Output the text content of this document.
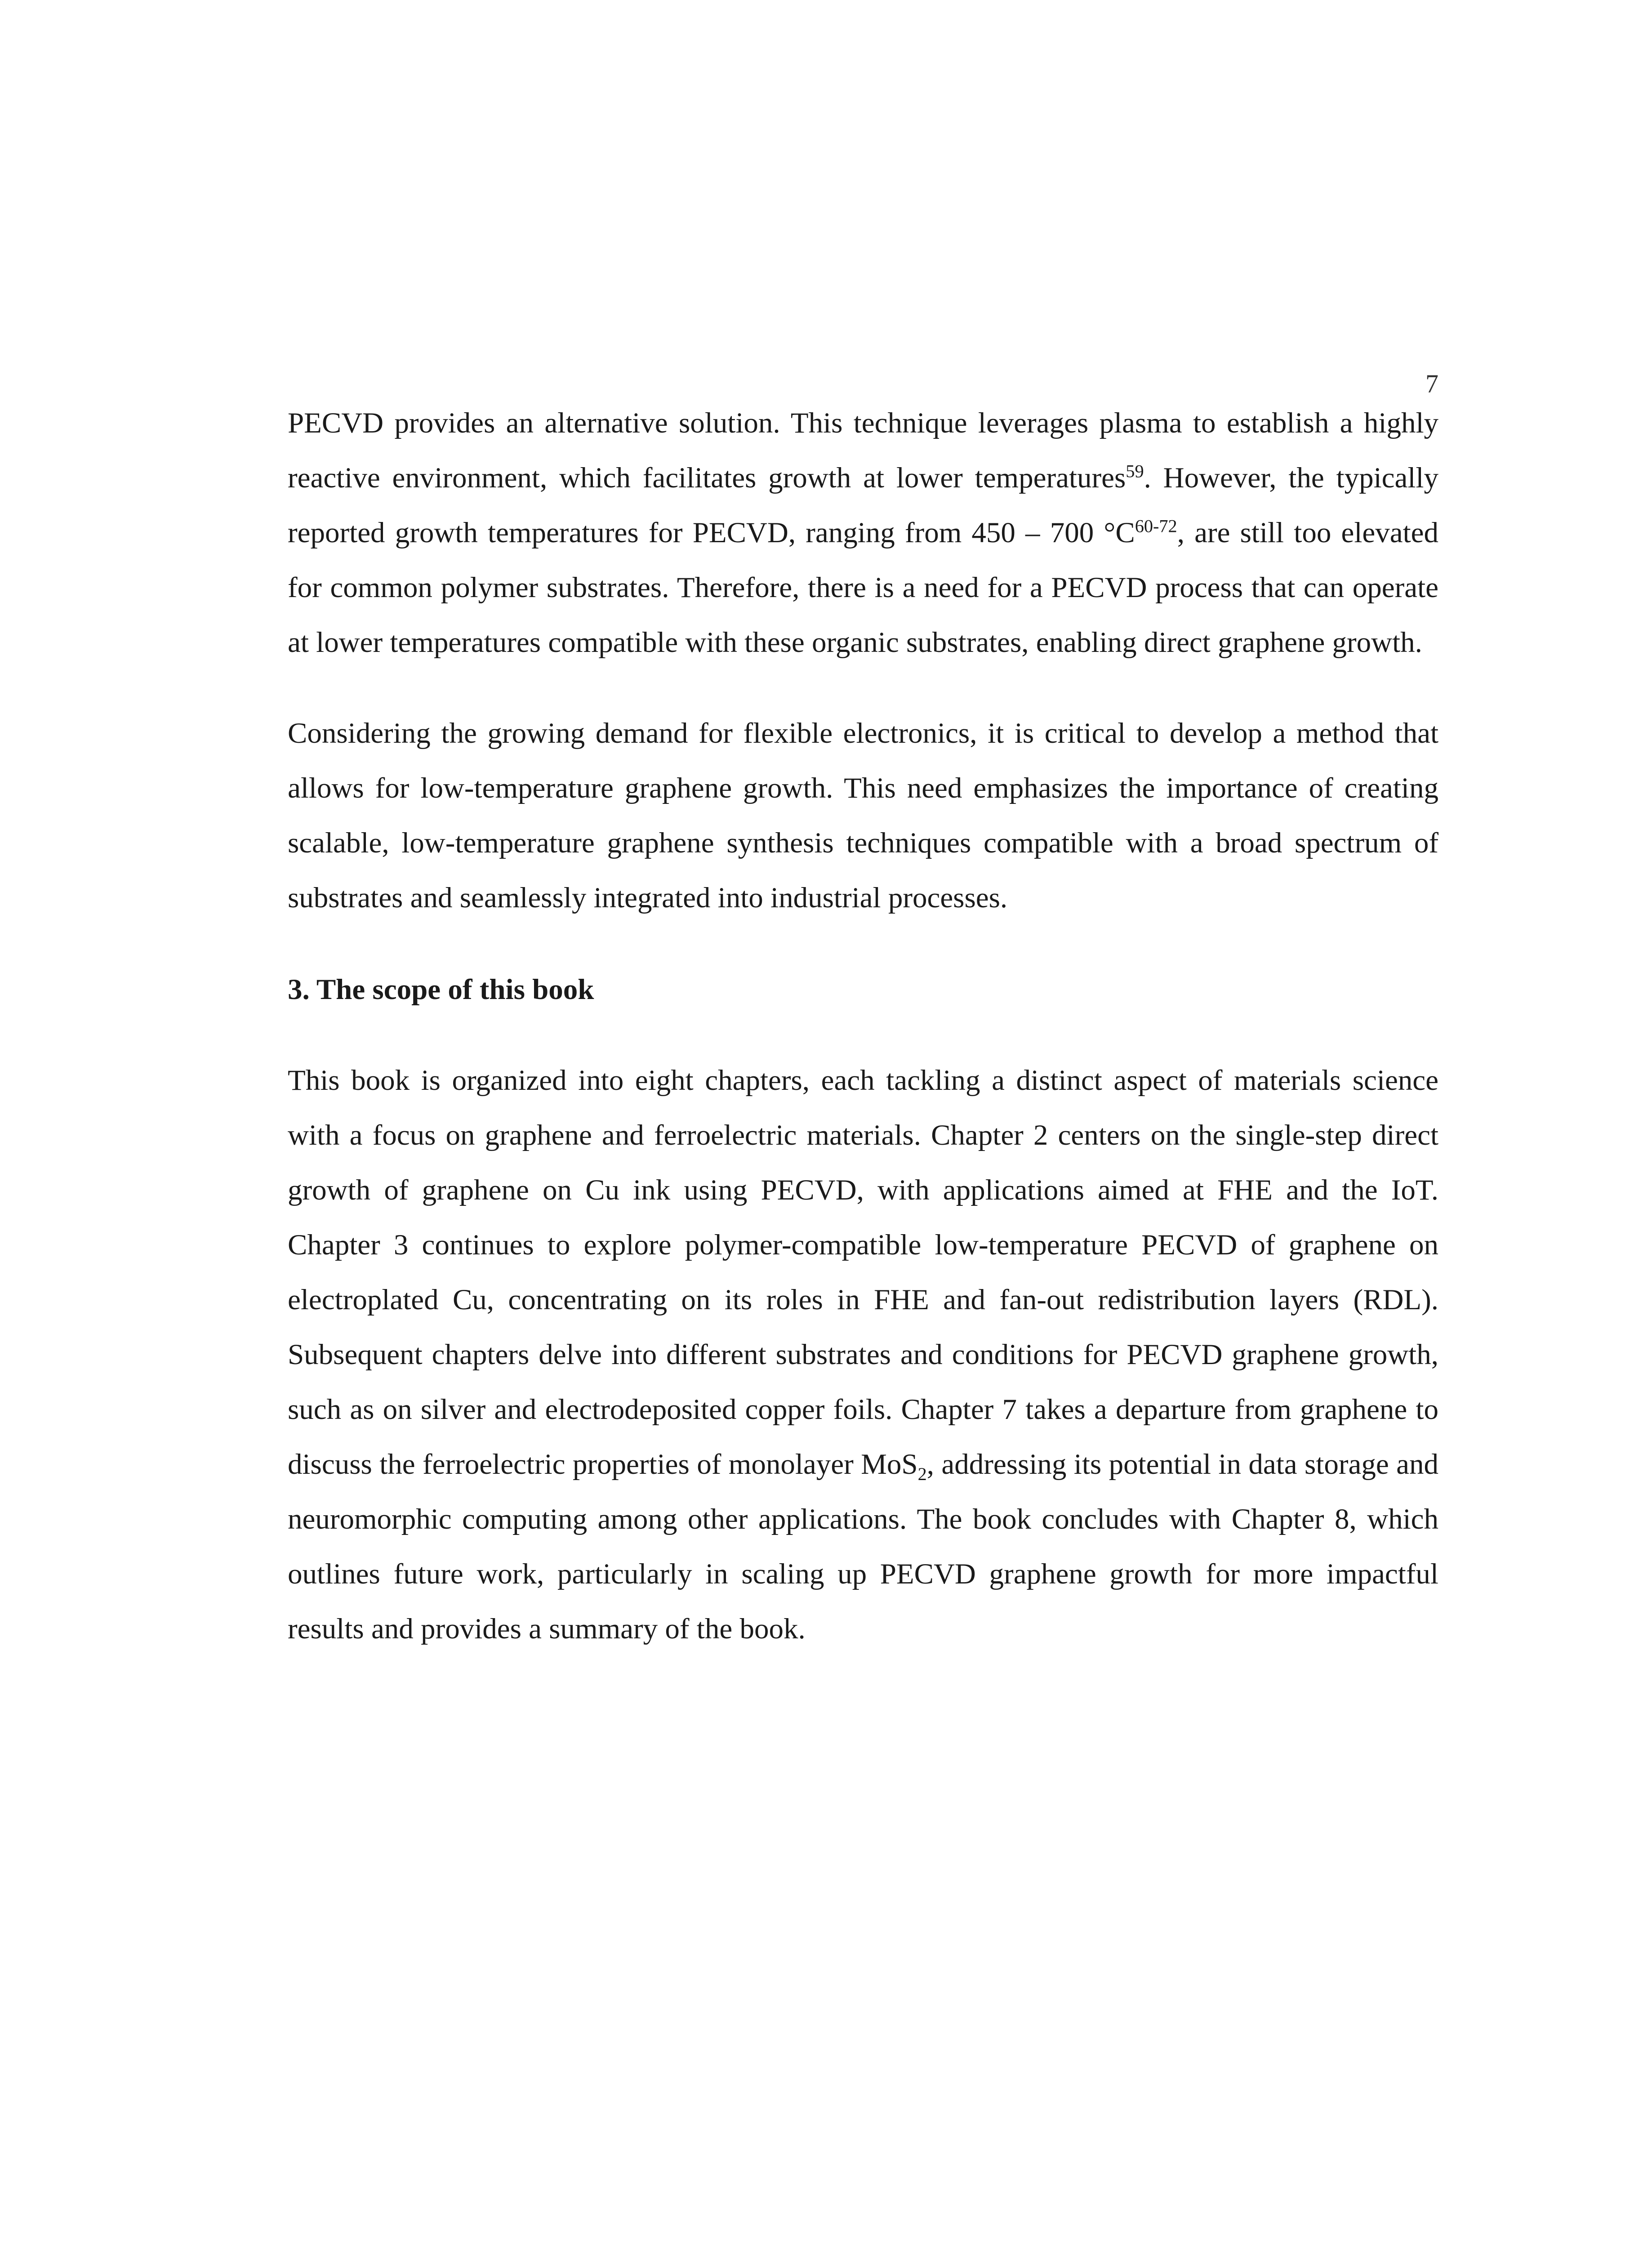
7

PECVD provides an alternative solution. This technique leverages plasma to establish a highly reactive environment, which facilitates growth at lower temperatures$^{59}$. However, the typically reported growth temperatures for PECVD, ranging from 450 – 700 $^\circ C^{60-72}$, are still too elevated for common polymer substrates. Therefore, there is a need for a PECVD process that can operate at lower temperatures compatible with these organic substrates, enabling direct graphene growth.

Considering the growing demand for flexible electronics, it is critical to develop a method that allows for low-temperature graphene growth. This need emphasizes the importance of creating scalable, low-temperature graphene synthesis techniques compatible with a broad spectrum of substrates and seamlessly integrated into industrial processes.

3. The scope of this book

This book is organized into eight chapters, each tackling a distinct aspect of materials science with a focus on graphene and ferroelectric materials. Chapter 2 centers on the single-step direct growth of graphene on Cu ink using PECVD, with applications aimed at FHE and the IoT. Chapter 3 continues to explore polymer-compatible low-temperature PECVD of graphene on electroplated Cu, concentrating on its roles in FHE and fan-out redistribution layers (RDL). Subsequent chapters delve into different substrates and conditions for PECVD graphene growth, such as on silver and electrodeposited copper foils. Chapter 7 takes a departure from graphene to discuss the ferroelectric properties of monolayer MoS$_2$, addressing its potential in data storage and neuromorphic computing among other applications. The book concludes with Chapter 8, which outlines future work, particularly in scaling up PECVD graphene growth for more impactful results and provides a summary of the book.
